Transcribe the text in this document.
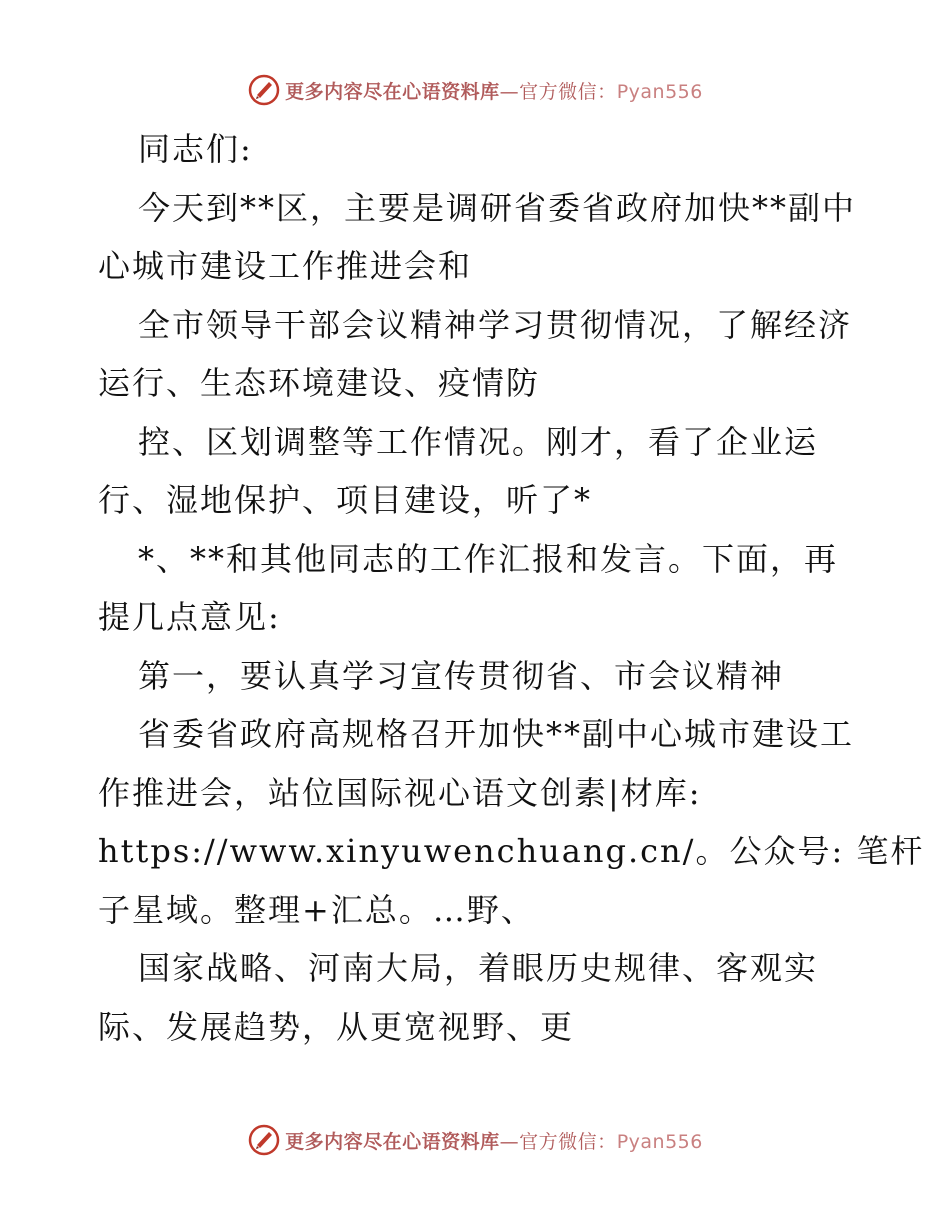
更多内容尽在心语资料库—官方微信：Pyan556
同志们:
今天到**区，主要是调研省委省政府加快**副中
心城市建设工作推进会和
全市领导干部会议精神学习贯彻情况，了解经济
运行、生态环境建设、疫情防
控、区划调整等工作情况。刚才，看了企业运
行、湿地保护、项目建设，听了*
*、**和其他同志的工作汇报和发言。下面，再
提几点意见:
第一，要认真学习宣传贯彻省、市会议精神
省委省政府高规格召开加快**副中心城市建设工
作推进会，站位国际视心语文创素|材库:
https://www.xinyuwenchuang.cn/。公众号: 笔杆
子星域。整理+汇总。…野、
国家战略、河南大局，着眼历史规律、客观实
际、发展趋势，从更宽视野、更
更多内容尽在心语资料库—官方微信：Pyan556
